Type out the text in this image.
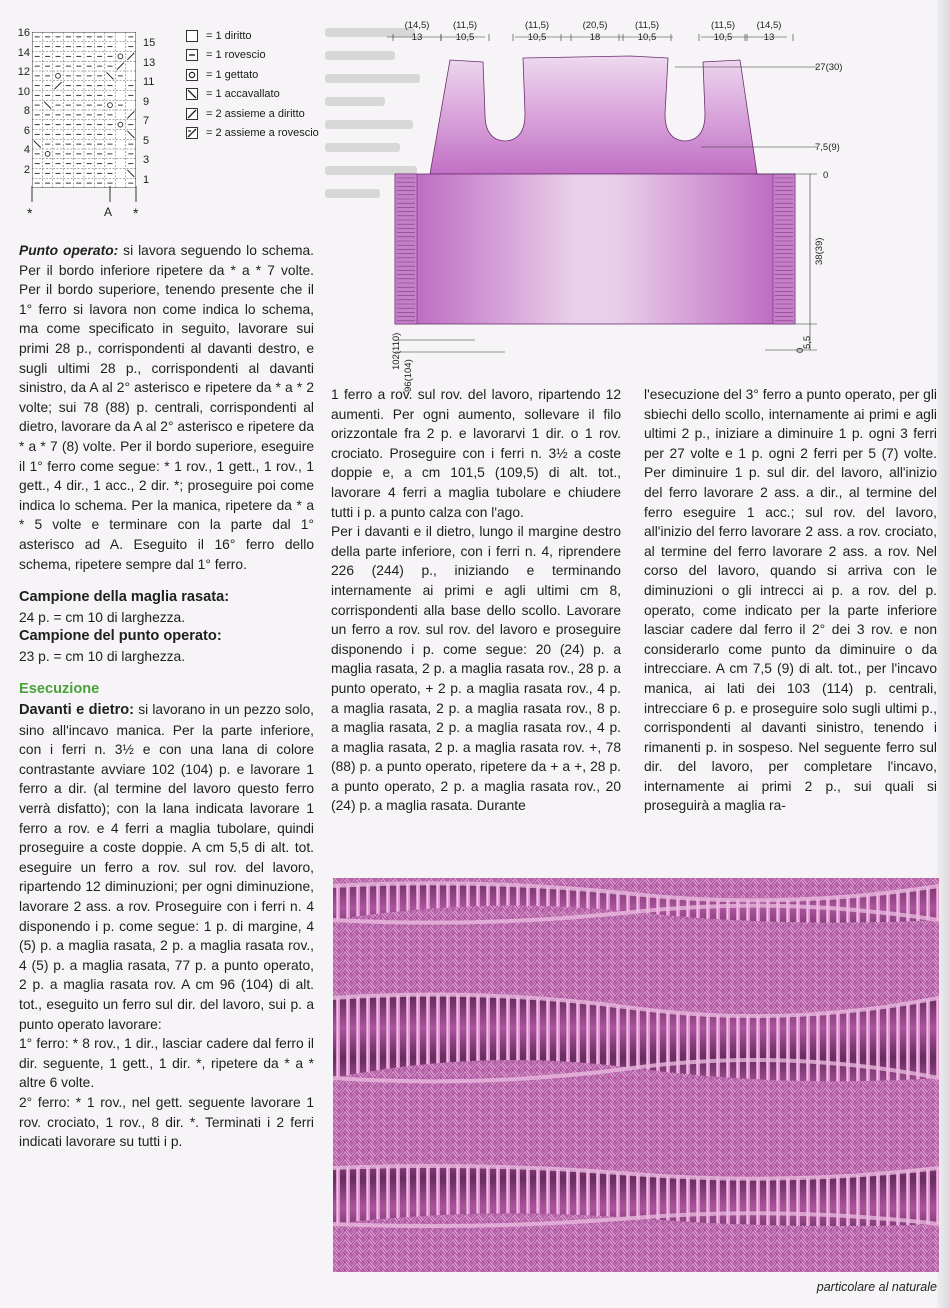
16
14
12
10
8
6
4
2
15
13
11
9
7
5
3
1
*	A *
= 1 diritto
= 1 rovescio
= 1 gettato
= 1 accavallato
= 2 assieme a diritto
= 2 assieme a rovescio
(14,5)
13
(11,5)
10,5
(11,5)
10,5
(20,5)
18
(11,5)
10,5
(11,5)
10,5
(14,5)
13
27(30)
7,5(9)
0
38(39)
5,5
0
102(110)
96(104)

Punto operato: si lavora seguendo lo schema. Per il bordo inferiore ripetere da * a * 7 volte. Per il bordo superiore, tenendo presente che il 1° ferro si lavora non come indica lo schema, ma come specificato in seguito, lavorare sui primi 28 p., corrispondenti al davanti destro, e sugli ultimi 28 p., corrispondenti al davanti sinistro, da A al 2° asterisco e ripetere da * a * 2 volte; sui 78 (88) p. centrali, corrispondenti al dietro, lavorare da A al 2° asterisco e ripetere da * a * 7 (8) volte. Per il bordo superiore, eseguire il 1° ferro come segue: * 1 rov., 1 gett., 1 rov., 1 gett., 4 dir., 1 acc., 2 dir. *; proseguire poi come indica lo schema. Per la manica, ripetere da * a * 5 volte e terminare con la parte dal 1° asterisco ad A. Eseguito il 16° ferro dello schema, ripetere sempre dal 1° ferro.

Campione della maglia rasata:

24 p. = cm 10 di larghezza.

Campione del punto operato:

23 p. = cm 10 di larghezza.

Esecuzione

Davanti e dietro: si lavorano in un pezzo solo, sino all'incavo manica. Per la parte inferiore, con i ferri n. 3½ e con una lana di colore contrastante avviare 102 (104) p. e lavorare 1 ferro a dir. (al termine del lavoro questo ferro verrà disfatto); con la lana indicata lavorare 1 ferro a rov. e 4 ferri a maglia tubolare, quindi proseguire a coste doppie. A cm 5,5 di alt. tot. eseguire un ferro a rov. sul rov. del lavoro, ripartendo 12 diminuzioni; per ogni diminuzione, lavorare 2 ass. a rov. Proseguire con i ferri n. 4 disponendo i p. come segue: 1 p. di margine, 4 (5) p. a maglia rasata, 2 p. a maglia rasata rov., 4 (5) p. a maglia rasata, 77 p. a punto operato, 2 p. a maglia rasata rov. A cm 96 (104) di alt. tot., eseguito un ferro sul dir. del lavoro, sui p. a punto operato lavorare:

1° ferro: * 8 rov., 1 dir., lasciar cadere dal ferro il dir. seguente, 1 gett., 1 dir. *, ripetere da * a * altre 6 volte.

2° ferro: * 1 rov., nel gett. seguente lavorare 1 rov. crociato, 1 rov., 8 dir. *. Terminati i 2 ferri indicati lavorare su tutti i p.

1 ferro a rov. sul rov. del lavoro, ripartendo 12 aumenti. Per ogni aumento, sollevare il filo orizzontale fra 2 p. e lavorarvi 1 dir. o 1 rov. crociato. Proseguire con i ferri n. 3½ a coste doppie e, a cm 101,5 (109,5) di alt. tot., lavorare 4 ferri a maglia tubolare e chiudere tutti i p. a punto calza con l'ago.

Per i davanti e il dietro, lungo il margine destro della parte inferiore, con i ferri n. 4, riprendere 226 (244) p., iniziando e terminando internamente ai primi e agli ultimi cm 8, corrispondenti alla base dello scollo. Lavorare un ferro a rov. sul rov. del lavoro e proseguire disponendo i p. come segue: 20 (24) p. a maglia rasata, 2 p. a maglia rasata rov., 28 p. a punto operato, + 2 p. a maglia rasata rov., 4 p. a maglia rasata, 2 p. a maglia rasata rov., 8 p. a maglia rasata, 2 p. a maglia rasata rov., 4 p. a maglia rasata, 2 p. a maglia rasata rov. +, 78 (88) p. a punto operato, ripetere da + a +, 28 p. a punto operato, 2 p. a maglia rasata rov., 20 (24) p. a maglia rasata. Durante

l'esecuzione del 3° ferro a punto operato, per gli sbiechi dello scollo, internamente ai primi e agli ultimi 2 p., iniziare a diminuire 1 p. ogni 3 ferri per 27 volte e 1 p. ogni 2 ferri per 5 (7) volte. Per diminuire 1 p. sul dir. del lavoro, all'inizio del ferro lavorare 2 ass. a dir., al termine del ferro eseguire 1 acc.; sul rov. del lavoro, all'inizio del ferro lavorare 2 ass. a rov. crociato, al termine del ferro lavorare 2 ass. a rov. Nel corso del lavoro, quando si arriva con le diminuzioni o gli intrecci ai p. a rov. del p. operato, come indicato per la parte inferiore lasciar cadere dal ferro il 2° dei 3 rov. e non considerarlo come punto da diminuire o da intrecciare. A cm 7,5 (9) di alt. tot., per l'incavo manica, ai lati dei 103 (114) p. centrali, intrecciare 6 p. e proseguire solo sugli ultimi p., corrispondenti al davanti sinistro, tenendo i rimanenti p. in sospeso. Nel seguente ferro sul dir. del lavoro, per completare l'incavo, internamente ai primi 2 p., sui quali si proseguirà a maglia ra-

particolare al naturale
